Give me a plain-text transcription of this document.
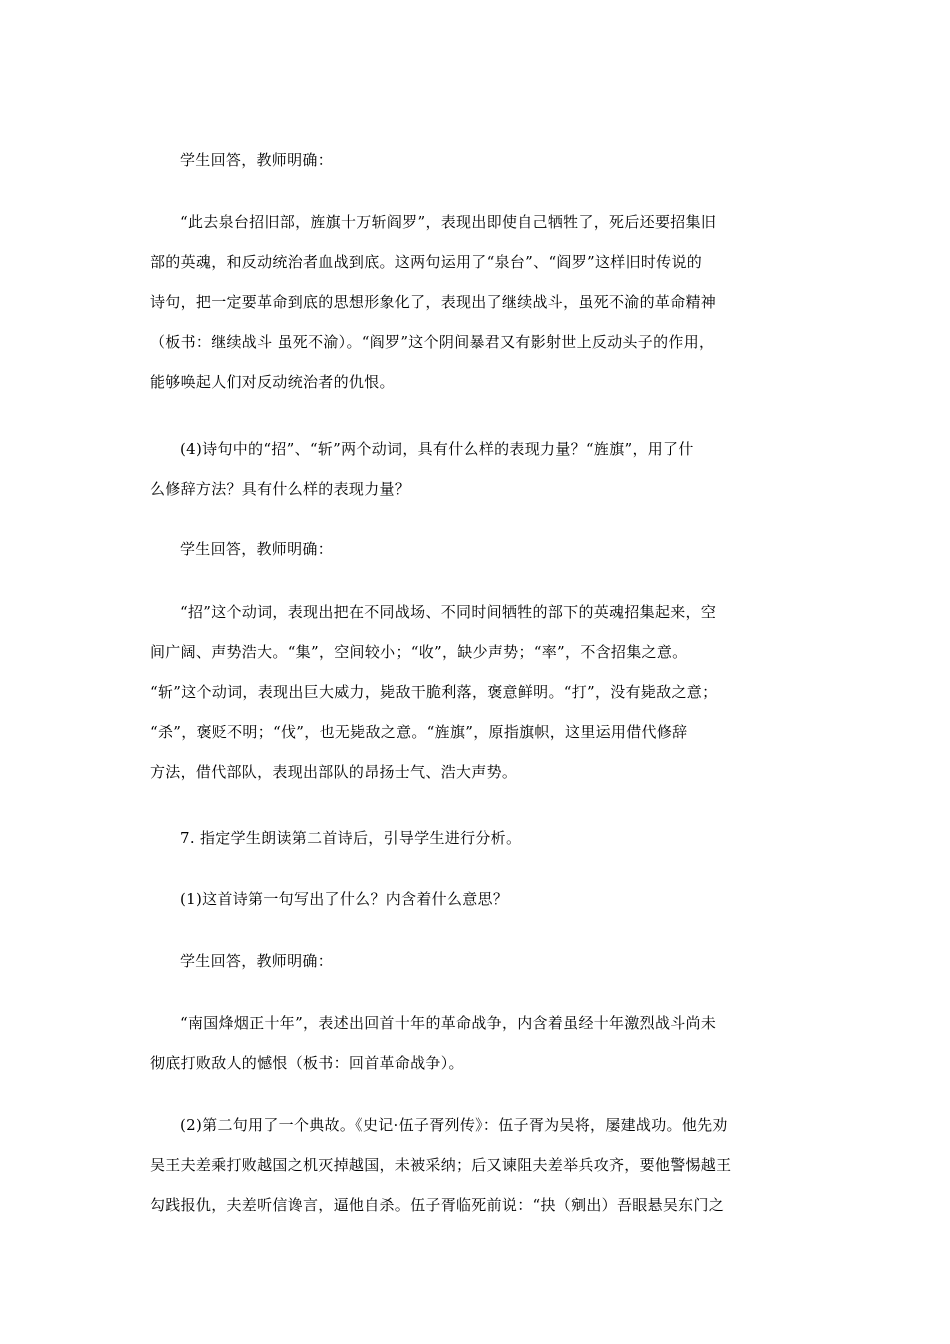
学生回答，教师明确：
“此去泉台招旧部，旌旗十万斩阎罗”，表现出即使自己牺牲了，死后还要招集旧
部的英魂，和反动统治者血战到底。这两句运用了“泉台”、“阎罗”这样旧时传说的
诗句，把一定要革命到底的思想形象化了，表现出了继续战斗，虽死不渝的革命精神
（板书：继续战斗 虽死不渝）。“阎罗”这个阴间暴君又有影射世上反动头子的作用，
能够唤起人们对反动统治者的仇恨。
(4)诗句中的“招”、“斩”两个动词，具有什么样的表现力量？“旌旗”，用了什
么修辞方法？具有什么样的表现力量？
学生回答，教师明确：
“招”这个动词，表现出把在不同战场、不同时间牺牲的部下的英魂招集起来，空
间广阔、声势浩大。“集”，空间较小；“收”，缺少声势；“率”，不含招集之意。
“斩”这个动词，表现出巨大威力，毙敌干脆利落，褒意鲜明。“打”，没有毙敌之意；
“杀”，褒贬不明；“伐”，也无毙敌之意。“旌旗”，原指旗帜，这里运用借代修辞
方法，借代部队，表现出部队的昂扬士气、浩大声势。
7. 指定学生朗读第二首诗后，引导学生进行分析。
(1)这首诗第一句写出了什么？内含着什么意思？
学生回答，教师明确：
“南国烽烟正十年”，表述出回首十年的革命战争，内含着虽经十年激烈战斗尚未
彻底打败敌人的憾恨（板书：回首革命战争）。
(2)第二句用了一个典故。《史记·伍子胥列传》：伍子胥为吴将，屡建战功。他先劝
吴王夫差乘打败越国之机灭掉越国，未被采纳；后又谏阻夫差举兵攻齐，要他警惕越王
勾践报仇，夫差听信谗言，逼他自杀。伍子胥临死前说：“抉（剜出）吾眼悬吴东门之
